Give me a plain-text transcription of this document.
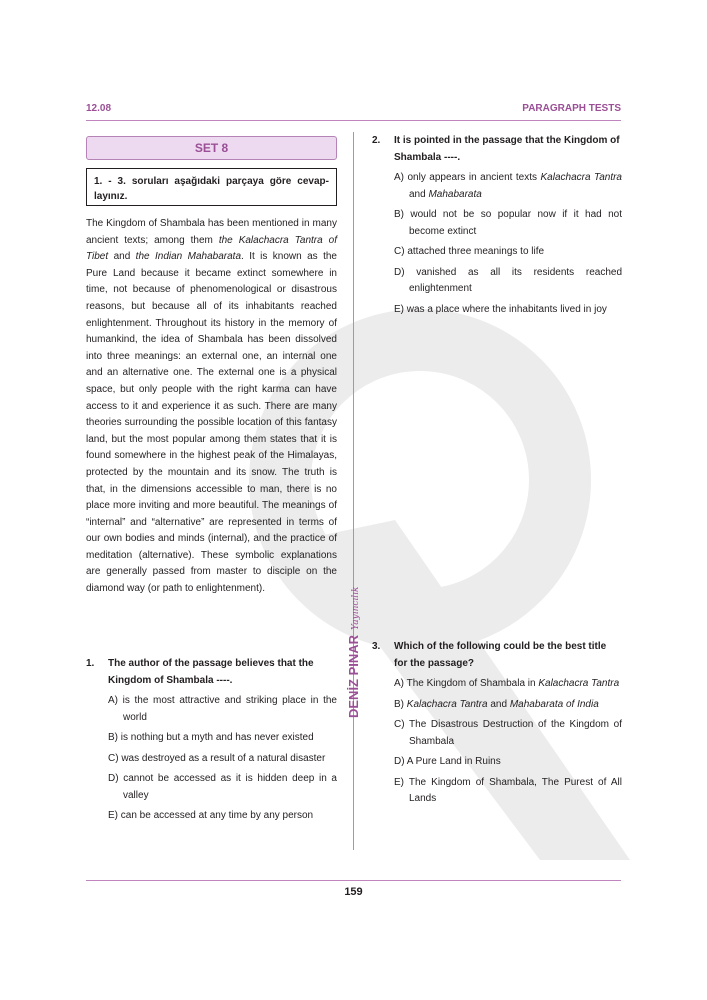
12.08	PARAGRAPH TESTS
SET 8
1. - 3. soruları aşağıdaki parçaya göre cevap-layınız.

The Kingdom of Shambala has been mentioned in many ancient texts; among them the Kalachacra Tantra of Tibet and the Indian Mahabarata. It is known as the Pure Land because it became extinct somewhere in time, not because of phenomenological or disastrous reasons, but because all of its inhabitants reached enlightenment. Throughout its history in the memory of humankind, the idea of Shambala has been dissolved into three meanings: an external one, an internal one and an alternative one. The external one is a physical space, but only people with the right karma can have access to it and experience it as such. There are many theories surrounding the possible location of this fantasy land, but the most popular among them states that it is found somewhere in the highest peak of the Himalayas, protected by the mountain and its snow. The truth is that, in the dimensions accessible to man, there is no place more inviting and more beautiful. The meanings of “internal” and “alternative” are represented in terms of our own bodies and minds (internal), and the practice of meditation (alternative). These symbolic explanations are generally passed from master to disciple on the diamond way (or path to enlightenment).

1. The author of the passage believes that the Kingdom of Shambala ----.
A) is the most attractive and striking place in the world
B) is nothing but a myth and has never existed
C) was destroyed as a result of a natural disaster
D) cannot be accessed as it is hidden deep in a valley
E) can be accessed at any time by any person
2. It is pointed in the passage that the Kingdom of Shambala ----.
A) only appears in ancient texts Kalachacra Tantra and Mahabarata
B) would not be so popular now if it had not become extinct
C) attached three meanings to life
D) vanished as all its residents reached enlightenment
E) was a place where the inhabitants lived in joy
3. Which of the following could be the best title for the passage?
A) The Kingdom of Shambala in Kalachacra Tantra
B) Kalachacra Tantra and Mahabarata of India
C) The Disastrous Destruction of the Kingdom of Shambala
D) A Pure Land in Ruins
E) The Kingdom of Shambala, The Purest of All Lands
DENİZ PINAR
Yayıncılık
159
